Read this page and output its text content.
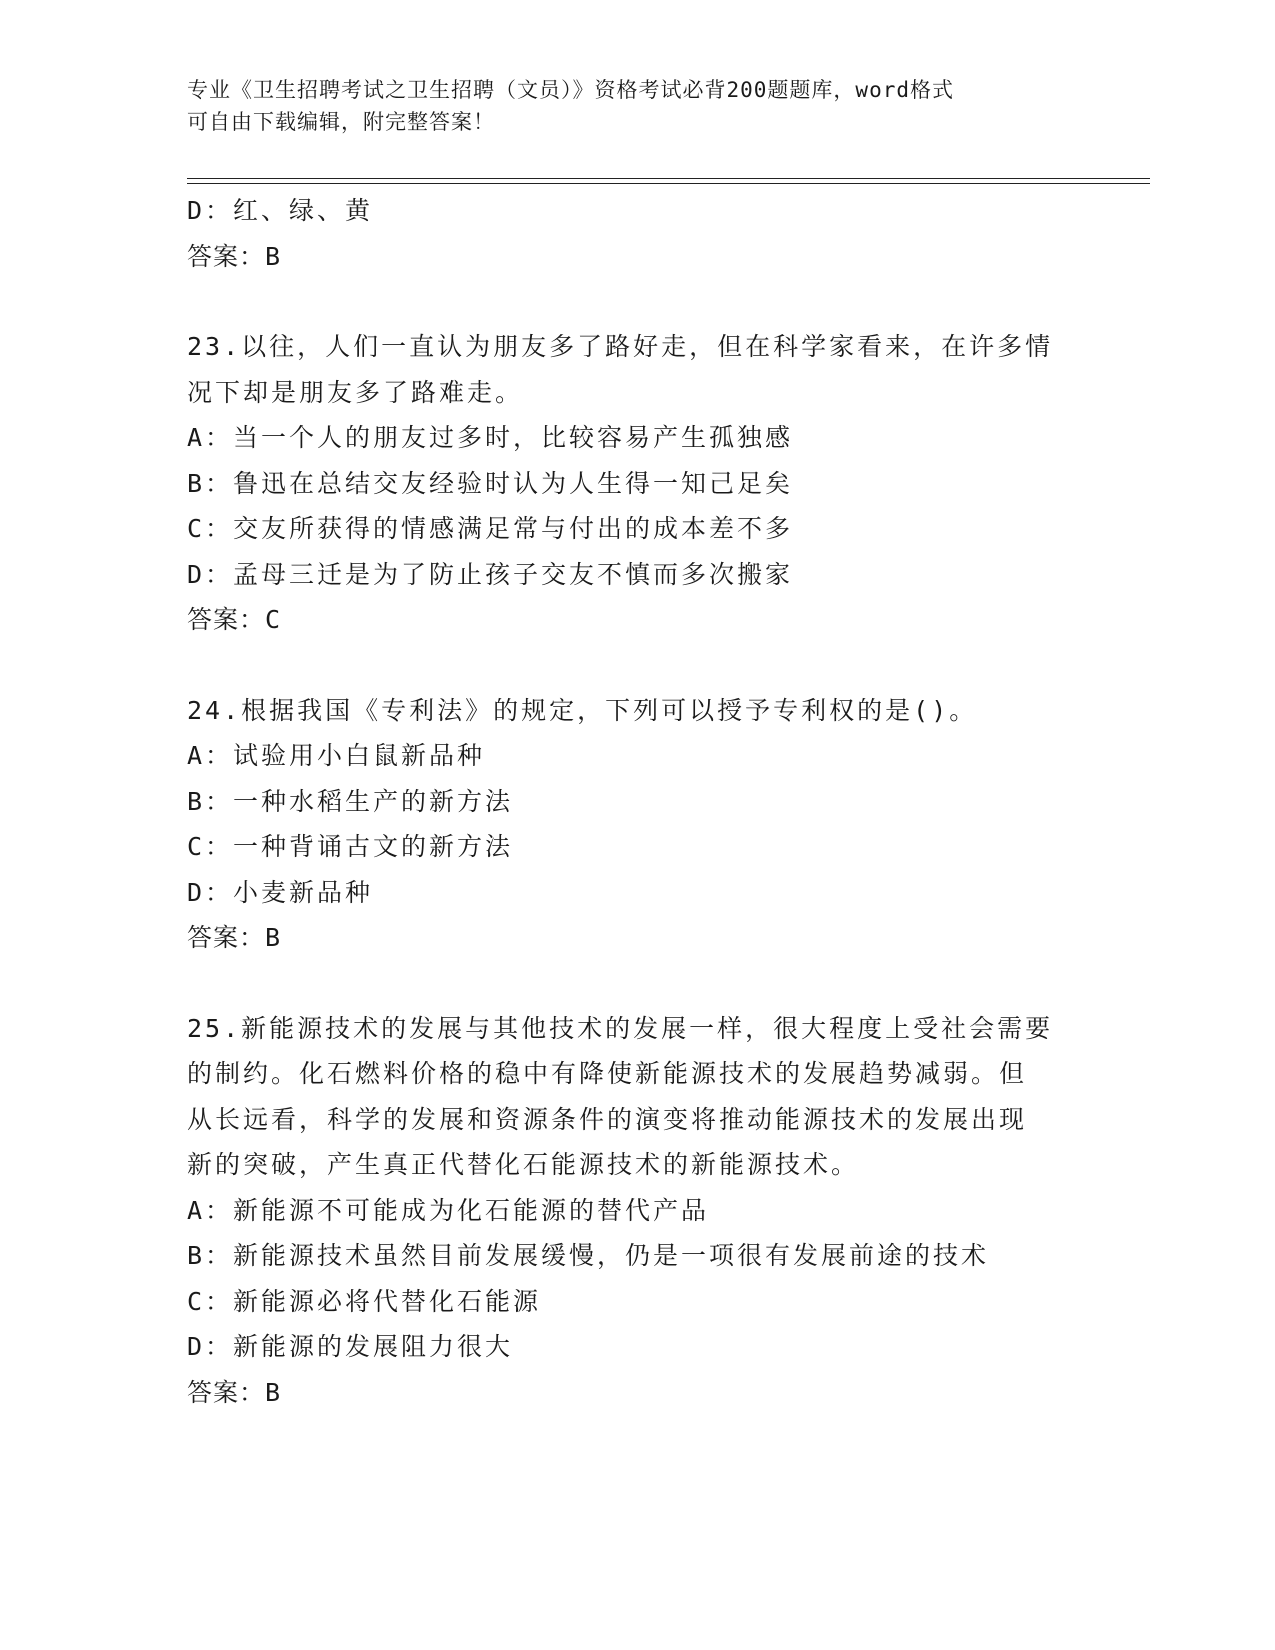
专业《卫生招聘考试之卫生招聘（文员）》资格考试必背200题题库，word格式
可自由下载编辑，附完整答案！
D：红、绿、黄
答案：B
23.以往，人们一直认为朋友多了路好走，但在科学家看来，在许多情
况下却是朋友多了路难走。
A：当一个人的朋友过多时，比较容易产生孤独感
B：鲁迅在总结交友经验时认为人生得一知己足矣
C：交友所获得的情感满足常与付出的成本差不多
D：孟母三迁是为了防止孩子交友不慎而多次搬家
答案：C
24.根据我国《专利法》的规定，下列可以授予专利权的是()。
A：试验用小白鼠新品种
B：一种水稻生产的新方法
C：一种背诵古文的新方法
D：小麦新品种
答案：B
25.新能源技术的发展与其他技术的发展一样，很大程度上受社会需要
的制约。化石燃料价格的稳中有降使新能源技术的发展趋势减弱。但
从长远看，科学的发展和资源条件的演变将推动能源技术的发展出现
新的突破，产生真正代替化石能源技术的新能源技术。
A：新能源不可能成为化石能源的替代产品
B：新能源技术虽然目前发展缓慢，仍是一项很有发展前途的技术
C：新能源必将代替化石能源
D：新能源的发展阻力很大
答案：B
